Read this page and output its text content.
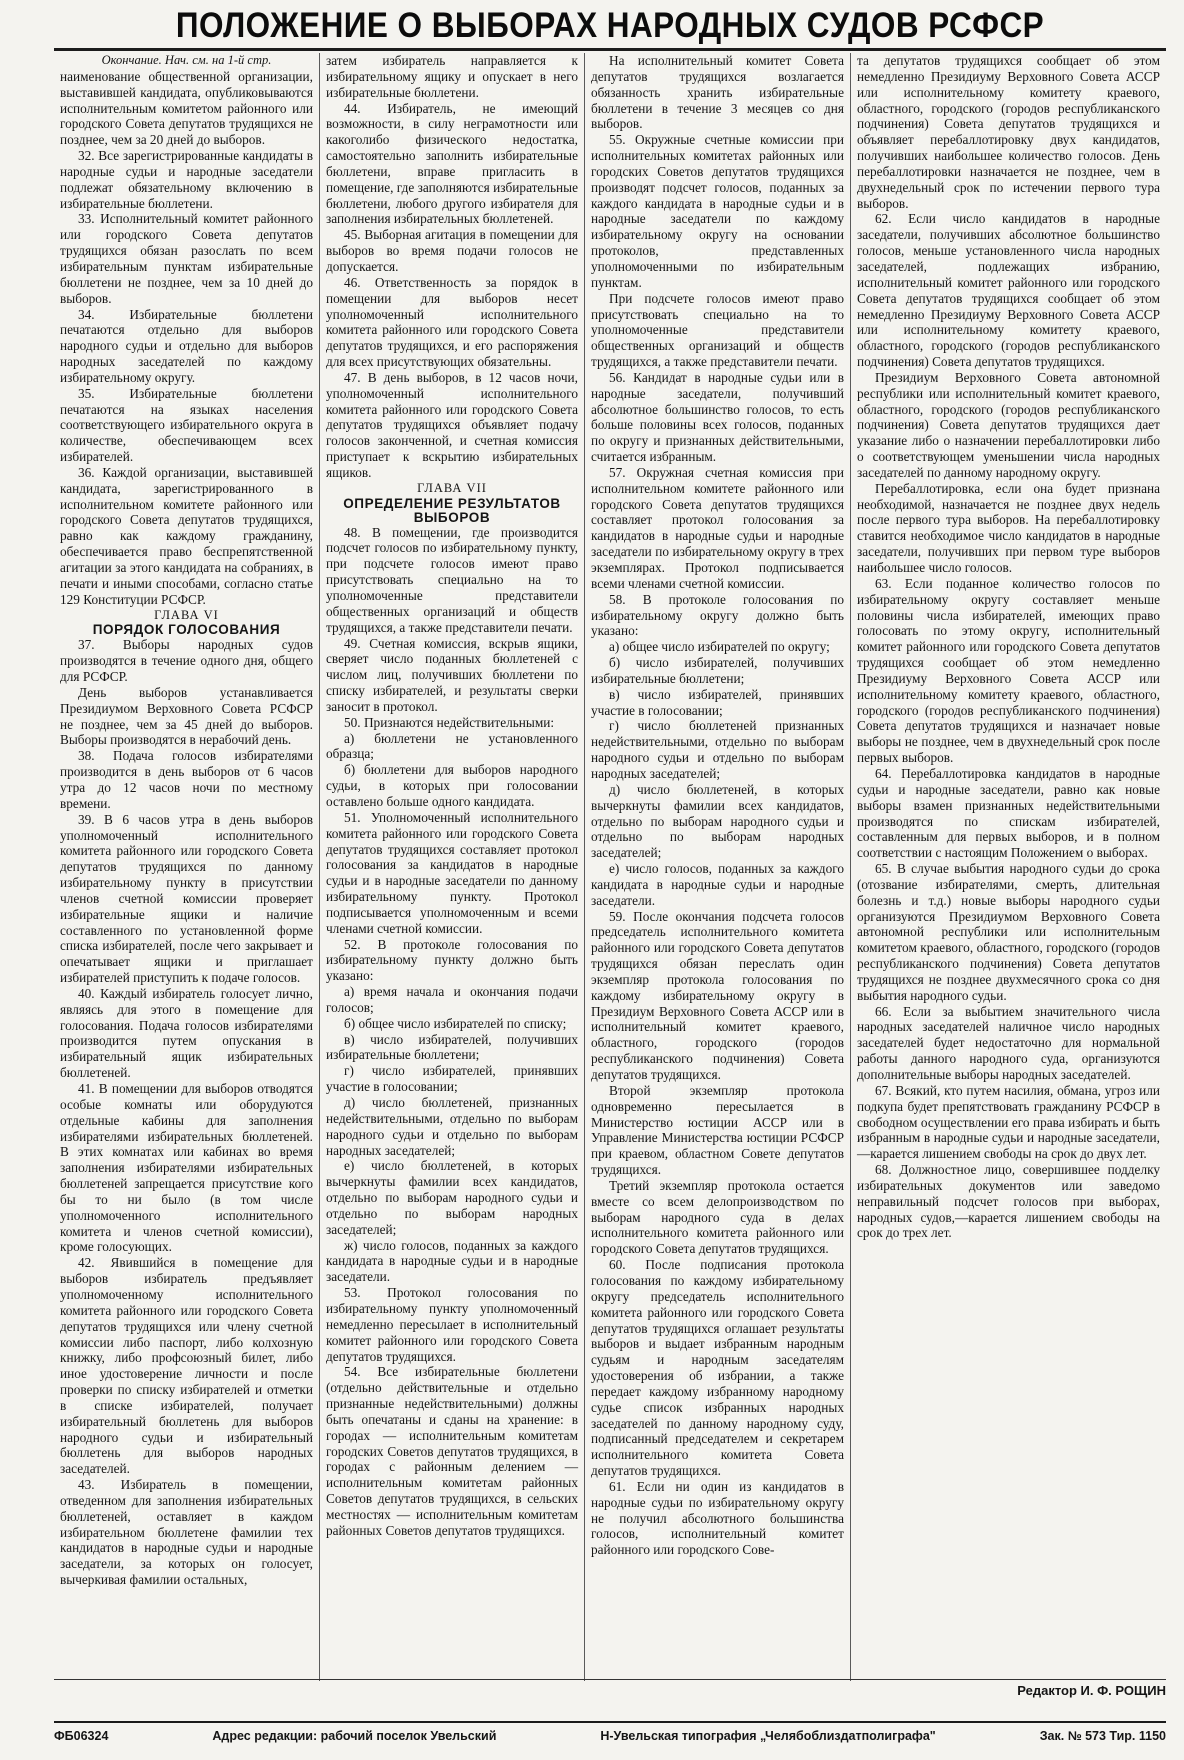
ПОЛОЖЕНИЕ О ВЫБОРАХ НАРОДНЫХ СУДОВ РСФСР

Окончание. Нач. см. на 1-й стр.

наименование общественной организации, выставившей кандидата, опубликовываются исполнительным комитетом районного или городского Совета депутатов трудящихся не позднее, чем за 20 дней до выборов.

32. Все зарегистрированные кандидаты в народные судьи и народные заседатели подлежат обязательному включению в избирательные бюллетени.

33. Исполнительный комитет районного или городского Совета депутатов трудящихся обязан разослать по всем избирательным пунктам избирательные бюллетени не позднее, чем за 10 дней до выборов.

34. Избирательные бюллетени печатаются отдельно для выборов народного судьи и отдельно для выборов народных заседателей по каждому избирательному округу.

35. Избирательные бюллетени печатаются на языках населения соответствующего избирательного округа в количестве, обеспечивающем всех избирателей.

36. Каждой организации, выставившей кандидата, зарегистрированного в исполнительном комитете районного или городского Совета депутатов трудящихся, равно как каждому гражданину, обеспечивается право беспрепятственной агитации за этого кандидата на собраниях, в печати и иными способами, согласно статье 129 Конституции РСФСР.

ГЛАВА VI

ПОРЯДОК ГОЛОСОВАНИЯ

37. Выборы народных судов производятся в течение одного дня, общего для РСФСР.

День выборов устанавливается Президиумом Верховного Совета РСФСР не позднее, чем за 45 дней до выборов. Выборы производятся в нерабочий день.

38. Подача голосов избирателями производится в день выборов от 6 часов утра до 12 часов ночи по местному времени.

39. В 6 часов утра в день выборов уполномоченный исполнительного комитета районного или городского Совета депутатов трудящихся по данному избирательному пункту в присутствии членов счетной комиссии проверяет избирательные ящики и наличие составленного по установленной форме списка избирателей, после чего закрывает и опечатывает ящики и приглашает избирателей приступить к подаче голосов.

40. Каждый избиратель голосует лично, являясь для этого в помещение для голосования. Подача голосов избирателями производится путем опускания в избирательный ящик избирательных бюллетеней.

41. В помещении для выборов отводятся особые комнаты или оборудуются отдельные кабины для заполнения избирателями избирательных бюллетеней. В этих комнатах или кабинах во время заполнения избирателями избирательных бюллетеней запрещается присутствие кого бы то ни было (в том числе уполномоченного исполнительного комитета и членов счетной комиссии), кроме голосующих.

42. Явившийся в помещение для выборов избиратель предъявляет уполномоченному исполнительного комитета районного или городского Совета депутатов трудящихся или члену счетной комиссии либо паспорт, либо колхозную книжку, либо профсоюзный билет, либо иное удостоверение личности и после проверки по списку избирателей и отметки в списке избирателей, получает избирательный бюллетень для выборов народного судьи и избирательный бюллетень для выборов народных заседателей.

43. Избиратель в помещении, отведенном для заполнения избирательных бюллетеней, оставляет в каждом избирательном бюллетене фамилии тех кандидатов в народные судьи и народные заседатели, за которых он голосует, вычеркивая фамилии остальных,

затем избиратель направляется к избирательному ящику и опускает в него избирательные бюллетени.

44. Избиратель, не имеющий возможности, в силу неграмотности или какоголибо физического недостатка, самостоятельно заполнить избирательные бюллетени, вправе пригласить в помещение, где заполняются избирательные бюллетени, любого другого избирателя для заполнения избирательных бюллетеней.

45. Выборная агитация в помещении для выборов во время подачи голосов не допускается.

46. Ответственность за порядок в помещении для выборов несет уполномоченный исполнительного комитета районного или городского Совета депутатов трудящихся, и его распоряжения для всех присутствующих обязательны.

47. В день выборов, в 12 часов ночи, уполномоченный исполнительного комитета районного или городского Совета депутатов трудящихся объявляет подачу голосов законченной, и счетная комиссия приступает к вскрытию избирательных ящиков.

ГЛАВА VII

ОПРЕДЕЛЕНИЕ РЕЗУЛЬТАТОВ ВЫБОРОВ

48. В помещении, где производится подсчет голосов по избирательному пункту, при подсчете голосов имеют право присутствовать специально на то уполномоченные представители общественных организаций и обществ трудящихся, а также представители печати.

49. Счетная комиссия, вскрыв ящики, сверяет число поданных бюллетеней с числом лиц, получивших бюллетени по списку избирателей, и результаты сверки заносит в протокол.

50. Признаются недействительными:

а) бюллетени не установленного образца;

б) бюллетени для выборов народного судьи, в которых при голосовании оставлено больше одного кандидата.

51. Уполномоченный исполнительного комитета районного или городского Совета депутатов трудящихся составляет протокол голосования за кандидатов в народные судьи и в народные заседатели по данному избирательному пункту. Протокол подписывается уполномоченным и всеми членами счетной комиссии.

52. В протоколе голосования по избирательному пункту должно быть указано:

а) время начала и окончания подачи голосов;

б) общее число избирателей по списку;

в) число избирателей, получивших избирательные бюллетени;

г) число избирателей, принявших участие в голосовании;

д) число бюллетеней, признанных недействительными, отдельно по выборам народного судьи и отдельно по выборам народных заседателей;

е) число бюллетеней, в которых вычеркнуты фамилии всех кандидатов, отдельно по выборам народного судьи и отдельно по выборам народных заседателей;

ж) число голосов, поданных за каждого кандидата в народные судьи и в народные заседатели.

53. Протокол голосования по избирательному пункту уполномоченный немедленно пересылает в исполнительный комитет районного или городского Совета депутатов трудящихся.

54. Все избирательные бюллетени (отдельно действительные и отдельно признанные недействительными) должны быть опечатаны и сданы на хранение: в городах — исполнительным комитетам городских Советов депутатов трудящихся, в городах с районным делением — исполнительным комитетам районных Советов депутатов трудящихся, в сельских местностях — исполнительным комитетам районных Советов депутатов трудящихся.

На исполнительный комитет Совета депутатов трудящихся возлагается обязанность хранить избирательные бюллетени в течение 3 месяцев со дня выборов.

55. Окружные счетные комиссии при исполнительных комитетах районных или городских Советов депутатов трудящихся производят подсчет голосов, поданных за каждого кандидата в народные судьи и в народные заседатели по каждому избирательному округу на основании протоколов, представленных уполномоченными по избирательным пунктам.

При подсчете голосов имеют право присутствовать специально на то уполномоченные представители общественных организаций и обществ трудящихся, а также представители печати.

56. Кандидат в народные судьи или в народные заседатели, получивший абсолютное большинство голосов, то есть больше половины всех голосов, поданных по округу и признанных действительными, считается избранным.

57. Окружная счетная комиссия при исполнительном комитете районного или городского Совета депутатов трудящихся составляет протокол голосования за кандидатов в народные судьи и народные заседатели по избирательному округу в трех экземплярах. Протокол подписывается всеми членами счетной комиссии.

58. В протоколе голосования по избирательному округу должно быть указано:

а) общее число избирателей по округу;

б) число избирателей, получивших избирательные бюллетени;

в) число избирателей, принявших участие в голосовании;

г) число бюллетеней признанных недействительными, отдельно по выборам народного судьи и отдельно по выборам народных заседателей;

д) число бюллетеней, в которых вычеркнуты фамилии всех кандидатов, отдельно по выборам народного судьи и отдельно по выборам народных заседателей;

е) число голосов, поданных за каждого кандидата в народные судьи и народные заседатели.

59. После окончания подсчета голосов председатель исполнительного комитета районного или городского Совета депутатов трудящихся обязан переслать один экземпляр протокола голосования по каждому избирательному округу в Президиум Верховного Совета АССР или в исполнительный комитет краевого, областного, городского (городов республиканского подчинения) Совета депутатов трудящихся.

Второй экземпляр протокола одновременно пересылается в Министерство юстиции АССР или в Управление Министерства юстиции РСФСР при краевом, областном Совете депутатов трудящихся.

Третий экземпляр протокола остается вместе со всем делопроизводством по выборам народного суда в делах исполнительного комитета районного или городского Совета депутатов трудящихся.

60. После подписания протокола голосования по каждому избирательному округу председатель исполнительного комитета районного или городского Совета депутатов трудящихся оглашает результаты выборов и выдает избранным народным судьям и народным заседателям удостоверения об избрании, а также передает каждому избранному народному судье список избранных народных заседателей по данному народному суду, подписанный председателем и секретарем исполнительного комитета Совета депутатов трудящихся.

61. Если ни один из кандидатов в народные судьи по избирательному округу не получил абсолютного большинства голосов, исполнительный комитет районного или городского Сове-

та депутатов трудящихся сообщает об этом немедленно Президиуму Верховного Совета АССР или исполнительному комитету краевого, областного, городского (городов республиканского подчинения) Совета депутатов трудящихся и объявляет перебаллотировку двух кандидатов, получивших наибольшее количество голосов. День перебаллотировки назначается не позднее, чем в двухнедельный срок по истечении первого тура выборов.

62. Если число кандидатов в народные заседатели, получивших абсолютное большинство голосов, меньше установленного числа народных заседателей, подлежащих избранию, исполнительный комитет районного или городского Совета депутатов трудящихся сообщает об этом немедленно Президиуму Верховного Совета АССР или исполнительному комитету краевого, областного, городского (городов республиканского подчинения) Совета депутатов трудящихся.

Президиум Верховного Совета автономной республики или исполнительный комитет краевого, областного, городского (городов республиканского подчинения) Совета депутатов трудящихся дает указание либо о назначении перебаллотировки либо о соответствующем уменьшении числа народных заседателей по данному народному округу.

Перебаллотировка, если она будет признана необходимой, назначается не позднее двух недель после первого тура выборов. На перебаллотировку ставится необходимое число кандидатов в народные заседатели, получивших при первом туре выборов наибольшее число голосов.

63. Если поданное количество голосов по избирательному округу составляет меньше половины числа избирателей, имеющих право голосовать по этому округу, исполнительный комитет районного или городского Совета депутатов трудящихся сообщает об этом немедленно Президиуму Верховного Совета АССР или исполнительному комитету краевого, областного, городского (городов республиканского подчинения) Совета депутатов трудящихся и назначает новые выборы не позднее, чем в двухнедельный срок после первых выборов.

64. Перебаллотировка кандидатов в народные судьи и народные заседатели, равно как новые выборы взамен признанных недействительными производятся по спискам избирателей, составленным для первых выборов, и в полном соответствии с настоящим Положением о выборах.

65. В случае выбытия народного судьи до срока (отозвание избирателями, смерть, длительная болезнь и т.д.) новые выборы народного судьи организуются Президиумом Верховного Совета автономной республики или исполнительным комитетом краевого, областного, городского (городов республиканского подчинения) Совета депутатов трудящихся не позднее двухмесячного срока со дня выбытия народного судьи.

66. Если за выбытием значительного числа народных заседателей наличное число народных заседателей будет недостаточно для нормальной работы данного народного суда, организуются дополнительные выборы народных заседателей.

67. Всякий, кто путем насилия, обмана, угроз или подкупа будет препятствовать гражданину РСФСР в свободном осуществлении его права избирать и быть избранным в народные судьи и народные заседатели,—карается лишением свободы на срок до двух лет.

68. Должностное лицо, совершившее подделку избирательных документов или заведомо неправильный подсчет голосов при выборах, народных судов,—карается лишением свободы на срок до трех лет.

Редактор И. Ф. РОЩИН
ФБ06324	Адрес редакции: рабочий поселок Увельский	Н-Увельская типография „Челябоблиздатполиграфа"	Зак. № 573 Тир. 1150
